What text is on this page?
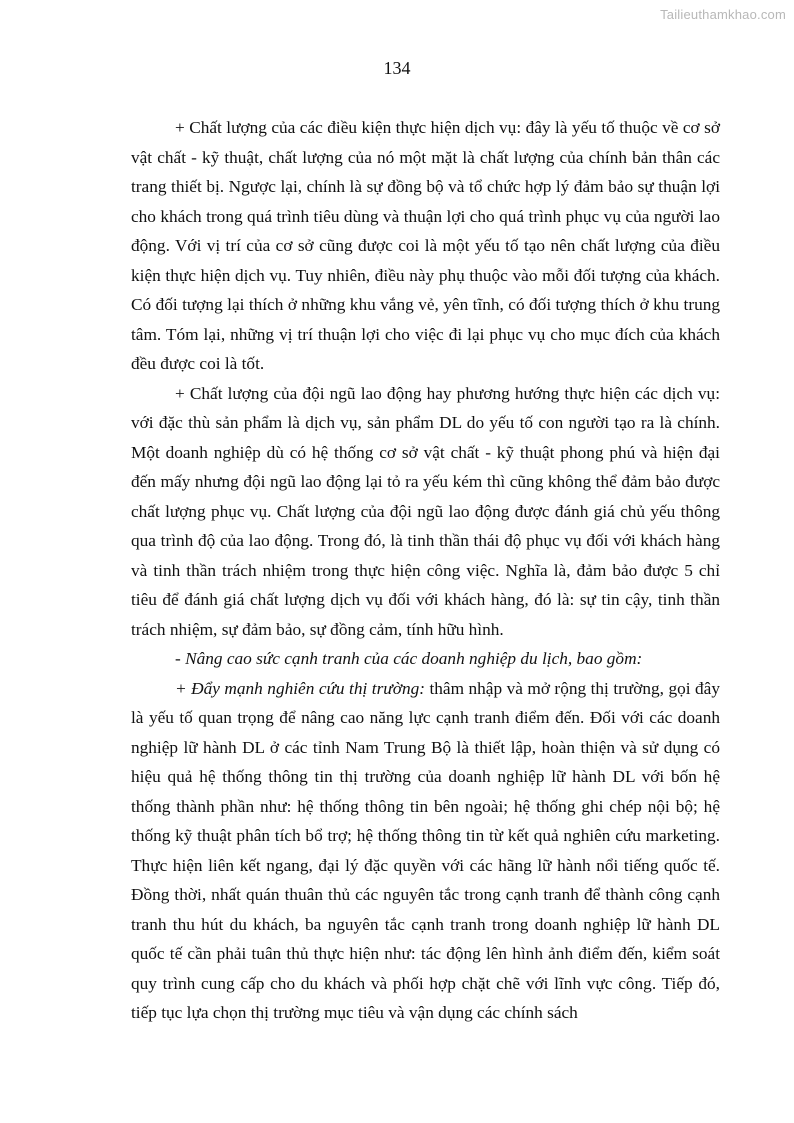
Tailieuthamkhao.com
134

+ Chất lượng của các điều kiện thực hiện dịch vụ: đây là yếu tố thuộc về cơ sở vật chất - kỹ thuật, chất lượng của nó một mặt là chất lượng của chính bản thân các trang thiết bị. Ngược lại, chính là sự đồng bộ và tổ chức hợp lý đảm bảo sự thuận lợi cho khách trong quá trình tiêu dùng và thuận lợi cho quá trình phục vụ của người lao động. Với vị trí của cơ sở cũng được coi là một yếu tố tạo nên chất lượng của điều kiện thực hiện dịch vụ. Tuy nhiên, điều này phụ thuộc vào mỗi đối tượng của khách. Có đối tượng lại thích ở những khu vắng vẻ, yên tĩnh, có đối tượng thích ở khu trung tâm. Tóm lại, những vị trí thuận lợi cho việc đi lại phục vụ cho mục đích của khách đều được coi là tốt.

+ Chất lượng của đội ngũ lao động hay phương hướng thực hiện các dịch vụ: với đặc thù sản phẩm là dịch vụ, sản phẩm DL do yếu tố con người tạo ra là chính. Một doanh nghiệp dù có hệ thống cơ sở vật chất - kỹ thuật phong phú và hiện đại đến mấy nhưng đội ngũ lao động lại tỏ ra yếu kém thì cũng không thể đảm bảo được chất lượng phục vụ. Chất lượng của đội ngũ lao động được đánh giá chủ yếu thông qua trình độ của lao động. Trong đó, là tinh thần thái độ phục vụ đối với khách hàng và tinh thần trách nhiệm trong thực hiện công việc. Nghĩa là, đảm bảo được 5 chỉ tiêu để đánh giá chất lượng dịch vụ đối với khách hàng, đó là: sự tin cậy, tinh thần trách nhiệm, sự đảm bảo, sự đồng cảm, tính hữu hình.

- Nâng cao sức cạnh tranh của các doanh nghiệp du lịch, bao gồm:

+ Đẩy mạnh nghiên cứu thị trường: thâm nhập và mở rộng thị trường, gọi đây là yếu tố quan trọng để nâng cao năng lực cạnh tranh điểm đến. Đối với các doanh nghiệp lữ hành DL ở các tỉnh Nam Trung Bộ là thiết lập, hoàn thiện và sử dụng có hiệu quả hệ thống thông tin thị trường của doanh nghiệp lữ hành DL với bốn hệ thống thành phần như: hệ thống thông tin bên ngoài; hệ thống ghi chép nội bộ; hệ thống kỹ thuật phân tích bổ trợ; hệ thống thông tin từ kết quả nghiên cứu marketing. Thực hiện liên kết ngang, đại lý đặc quyền với các hãng lữ hành nổi tiếng quốc tế. Đồng thời, nhất quán thuân thủ các nguyên tắc trong cạnh tranh để thành công cạnh tranh thu hút du khách, ba nguyên tắc cạnh tranh trong doanh nghiệp lữ hành DL quốc tế cần phải tuân thủ thực hiện như: tác động lên hình ảnh điểm đến, kiểm soát quy trình cung cấp cho du khách và phối hợp chặt chẽ với lĩnh vực công. Tiếp đó, tiếp tục lựa chọn thị trường mục tiêu và vận dụng các chính sách
